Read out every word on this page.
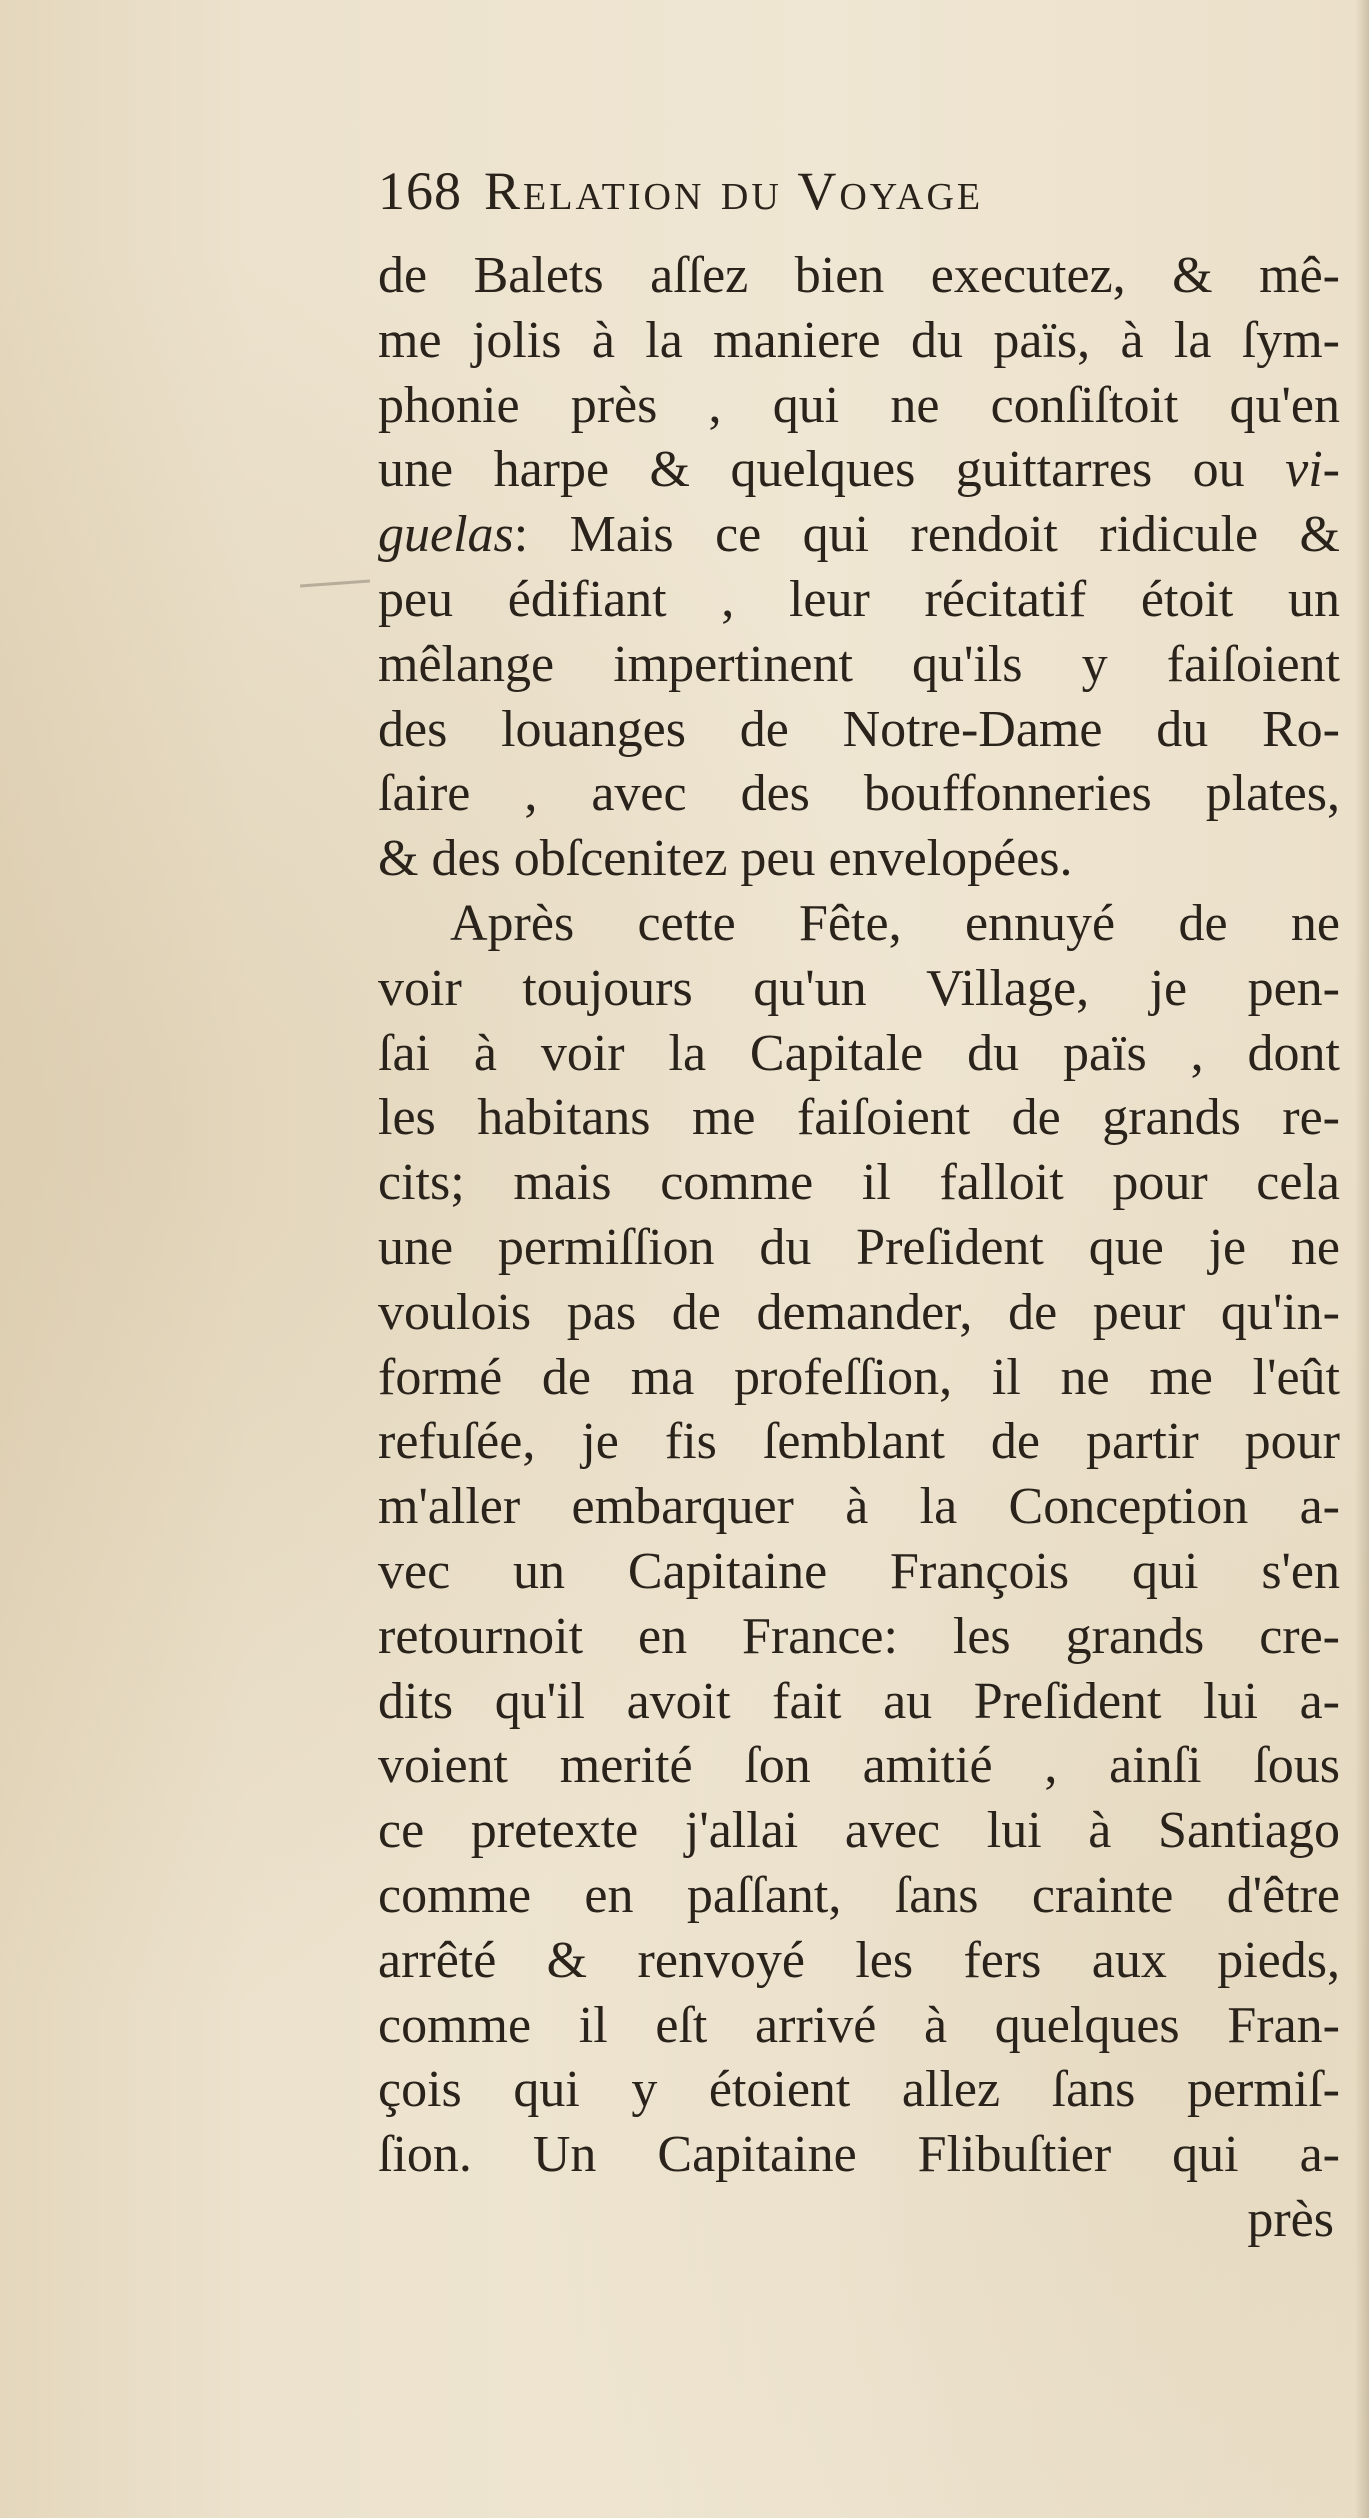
168 Relation du Voyage
de Balets aſſez bien executez, & mê-
me jolis à la maniere du païs, à la ſym-
phonie près , qui ne conſiſtoit qu'en
une harpe & quelques guittarres ou vi-
guelas: Mais ce qui rendoit ridicule &
peu édifiant , leur récitatif étoit un
mêlange impertinent qu'ils y faiſoient
des louanges de Notre-Dame du Ro-
ſaire , avec des bouffonneries plates,
& des obſcenitez peu envelopées.
Après cette Fête, ennuyé de ne
voir toujours qu'un Village, je pen-
ſai à voir la Capitale du païs , dont
les habitans me faiſoient de grands re-
cits; mais comme il falloit pour cela
une permiſſion du Preſident que je ne
voulois pas de demander, de peur qu'in-
formé de ma profeſſion, il ne me l'eût
refuſée, je fis ſemblant de partir pour
m'aller embarquer à la Conception a-
vec un Capitaine François qui s'en
retournoit en France: les grands cre-
dits qu'il avoit fait au Preſident lui a-
voient merité ſon amitié , ainſi ſous
ce pretexte j'allai avec lui à Santiago
comme en paſſant, ſans crainte d'être
arrêté & renvoyé les fers aux pieds,
comme il eſt arrivé à quelques Fran-
çois qui y étoient allez ſans permiſ-
ſion. Un Capitaine Flibuſtier qui a-
près
